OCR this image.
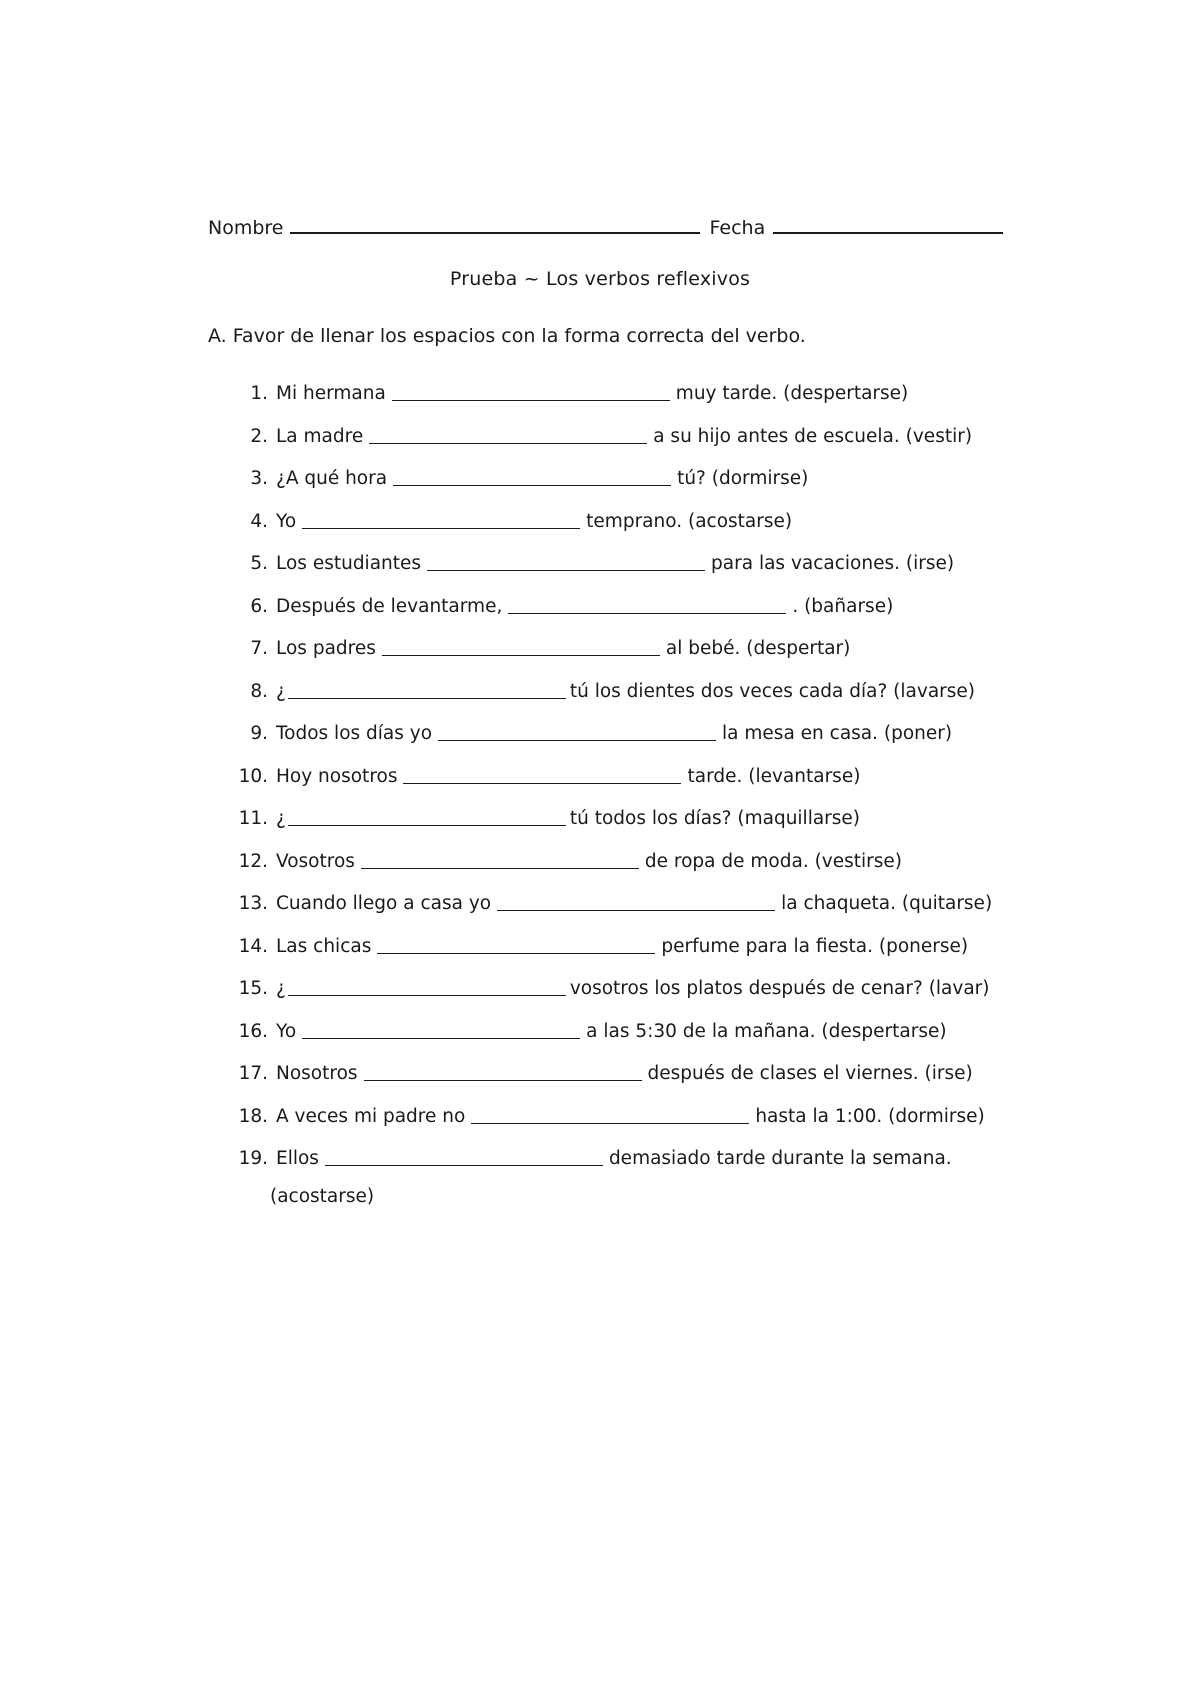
Nombre	Fecha
Prueba ~ Los verbos reflexivos
A. Favor de llenar los espacios con la forma correcta del verbo.
1. Mi hermana	muy tarde. (despertarse)
2. La madre	a su hijo antes de escuela. (vestir)
3. ¿A qué hora	tú? (dormirse)
4. Yo	temprano. (acostarse)
5. Los estudiantes	para las vacaciones. (irse)
6. Después de levantarme,	. (bañarse)
7. Los padres	al bebé. (despertar)
8. ¿	tú los dientes dos veces cada día? (lavarse)
9. Todos los días yo	la mesa en casa. (poner)
10. Hoy nosotros	tarde. (levantarse)
11. ¿	tú todos los días? (maquillarse)
12. Vosotros	de ropa de moda. (vestirse)
13. Cuando llego a casa yo	la chaqueta. (quitarse)
14. Las chicas	perfume para la fiesta. (ponerse)
15. ¿	vosotros los platos después de cenar? (lavar)
16. Yo	a las 5:30 de la mañana. (despertarse)
17. Nosotros	después de clases el viernes. (irse)
18. A veces mi padre no	hasta la 1:00. (dormirse)
19. Ellos	demasiado tarde durante la semana.
(acostarse)
